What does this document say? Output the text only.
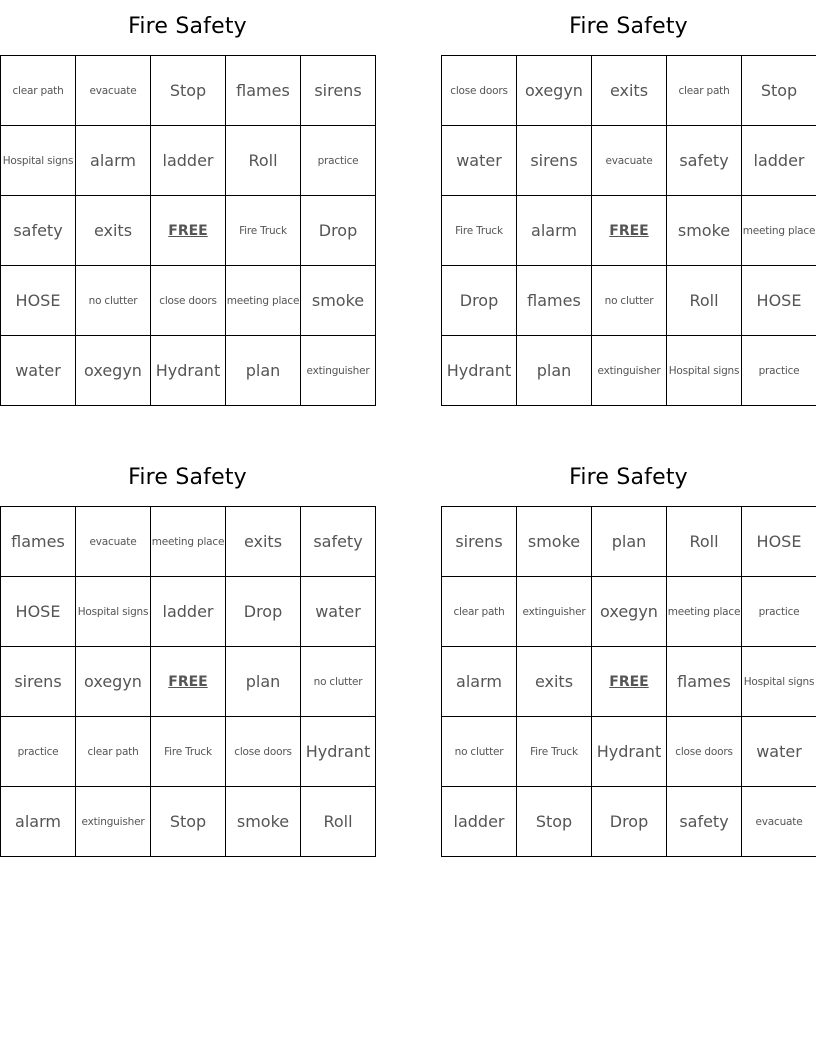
Fire Safety
clear path	evacuate	Stop	flames	sirens
Hospital signs	alarm	ladder	Roll	practice
safety	exits	FREE	Fire Truck	Drop
HOSE	no clutter	close doors	meeting place	smoke
water	oxegyn	Hydrant	plan	extinguisher
Fire Safety
close doors	oxegyn	exits	clear path	Stop
water	sirens	evacuate	safety	ladder
Fire Truck	alarm	FREE	smoke	meeting place
Drop	flames	no clutter	Roll	HOSE
Hydrant	plan	extinguisher	Hospital signs	practice
Fire Safety
flames	evacuate	meeting place	exits	safety
HOSE	Hospital signs	ladder	Drop	water
sirens	oxegyn	FREE	plan	no clutter
practice	clear path	Fire Truck	close doors	Hydrant
alarm	extinguisher	Stop	smoke	Roll
Fire Safety
sirens	smoke	plan	Roll	HOSE
clear path	extinguisher	oxegyn	meeting place	practice
alarm	exits	FREE	flames	Hospital signs
no clutter	Fire Truck	Hydrant	close doors	water
ladder	Stop	Drop	safety	evacuate
